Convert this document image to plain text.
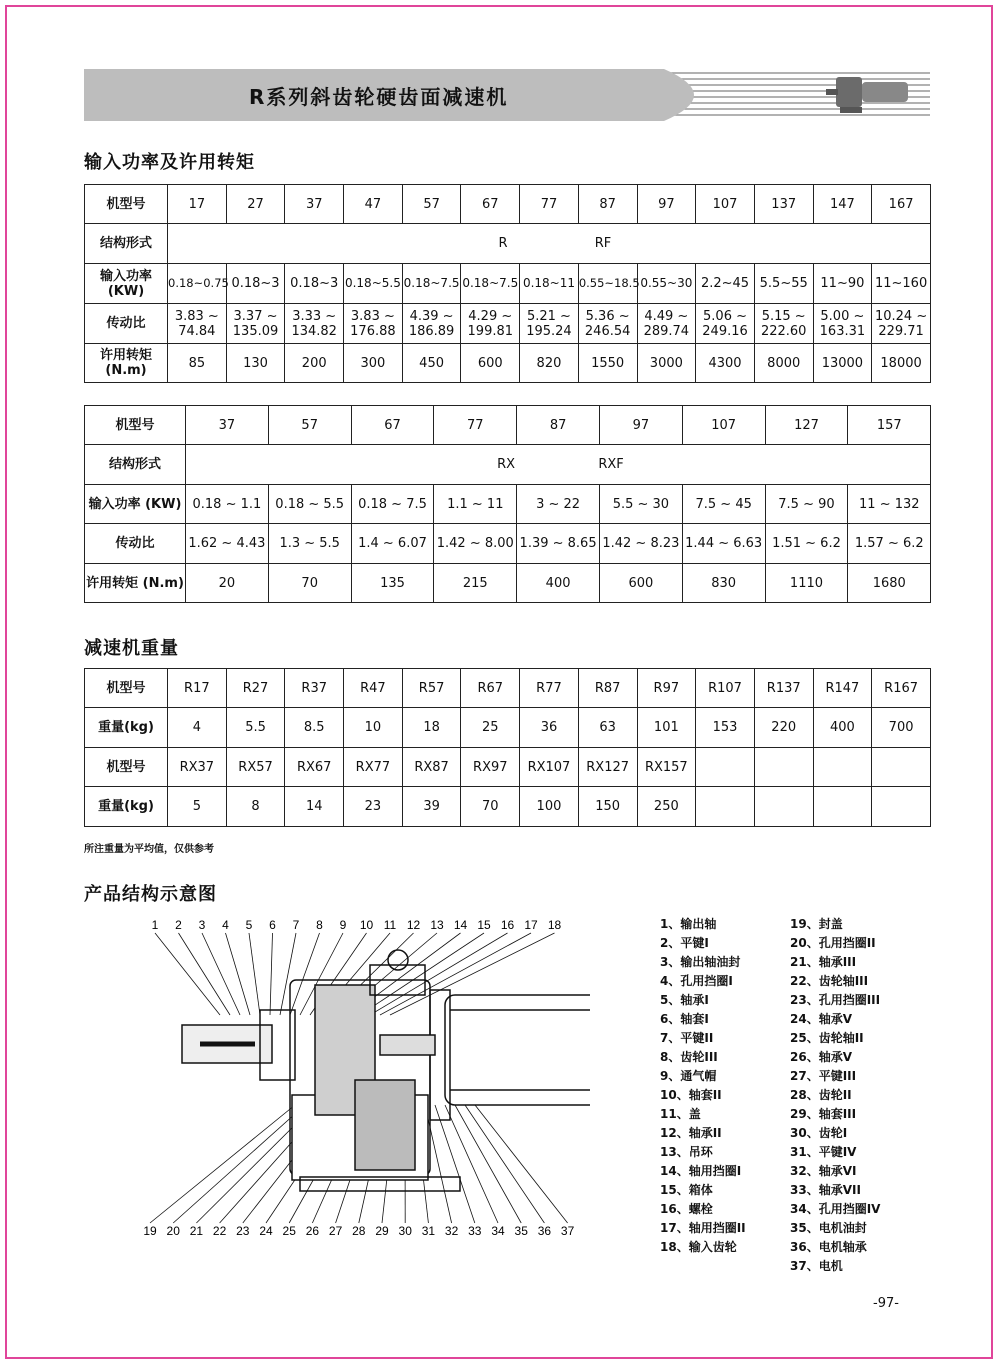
R系列斜齿轮硬齿面减速机
输入功率及许用转矩
机型号	17	27	37	47	57	67	77	87	97	107	137	147	167
结构形式	R RF												
输入功率 (KW)	0.18~0.75	0.18~3	0.18~3	0.18~5.5	0.18~7.5	0.18~7.5	0.18~11	0.55~18.5	0.55~30	2.2~45	5.5~55	11~90	11~160
传动比	3.83 ~ 74.84	3.37 ~ 135.09	3.33 ~ 134.82	3.83 ~ 176.88	4.39 ~ 186.89	4.29 ~ 199.81	5.21 ~ 195.24	5.36 ~ 246.54	4.49 ~ 289.74	5.06 ~ 249.16	5.15 ~ 222.60	5.00 ~ 163.31	10.24 ~ 229.71
许用转矩 (N.m)	85	130	200	300	450	600	820	1550	3000	4300	8000	13000	18000
机型号	37	57	67	77	87	97	107	127	157
结构形式	RX RXF								
输入功率 (KW)	0.18 ~ 1.1	0.18 ~ 5.5	0.18 ~ 7.5	1.1 ~ 11	3 ~ 22	5.5 ~ 30	7.5 ~ 45	7.5 ~ 90	11 ~ 132
传动比	1.62 ~ 4.43	1.3 ~ 5.5	1.4 ~ 6.07	1.42 ~ 8.00	1.39 ~ 8.65	1.42 ~ 8.23	1.44 ~ 6.63	1.51 ~ 6.2	1.57 ~ 6.2
许用转矩 (N.m)	20	70	135	215	400	600	830	1110	1680
减速机重量
机型号	R17	R27	R37	R47	R57	R67	R77	R87	R97	R107	R137	R147	R167
重量(kg)	4	5.5	8.5	10	18	25	36	63	101	153	220	400	700
机型号	RX37	RX57	RX67	RX77	RX87	RX97	RX107	RX127	RX157				
重量(kg)	5	8	14	23	39	70	100	150	250				
所注重量为平均值，仅供参考
产品结构示意图
1 2 3 4 5 6 7 8 9 10 11 12 13 14 15 16 17 18
19 20 21 22 23 24 25 26 27 28 29 30 31 32 33 34 35 36 37
-97-
1、输出轴
2、平键I
3、输出轴油封
4、孔用挡圈I
5、轴承I
6、轴套I
7、平键II
8、齿轮III
9、通气帽
10、轴套II
11、盖
12、轴承II
13、吊环
14、轴用挡圈I
15、箱体
16、螺栓
17、轴用挡圈II
18、输入齿轮
19、封盖
20、孔用挡圈II
21、轴承III
22、齿轮轴III
23、孔用挡圈III
24、轴承V
25、齿轮轴II
26、轴承V
27、平键III
28、齿轮II
29、轴套III
30、齿轮I
31、平键IV
32、轴承VI
33、轴承VII
34、孔用挡圈IV
35、电机油封
36、电机轴承
37、电机
